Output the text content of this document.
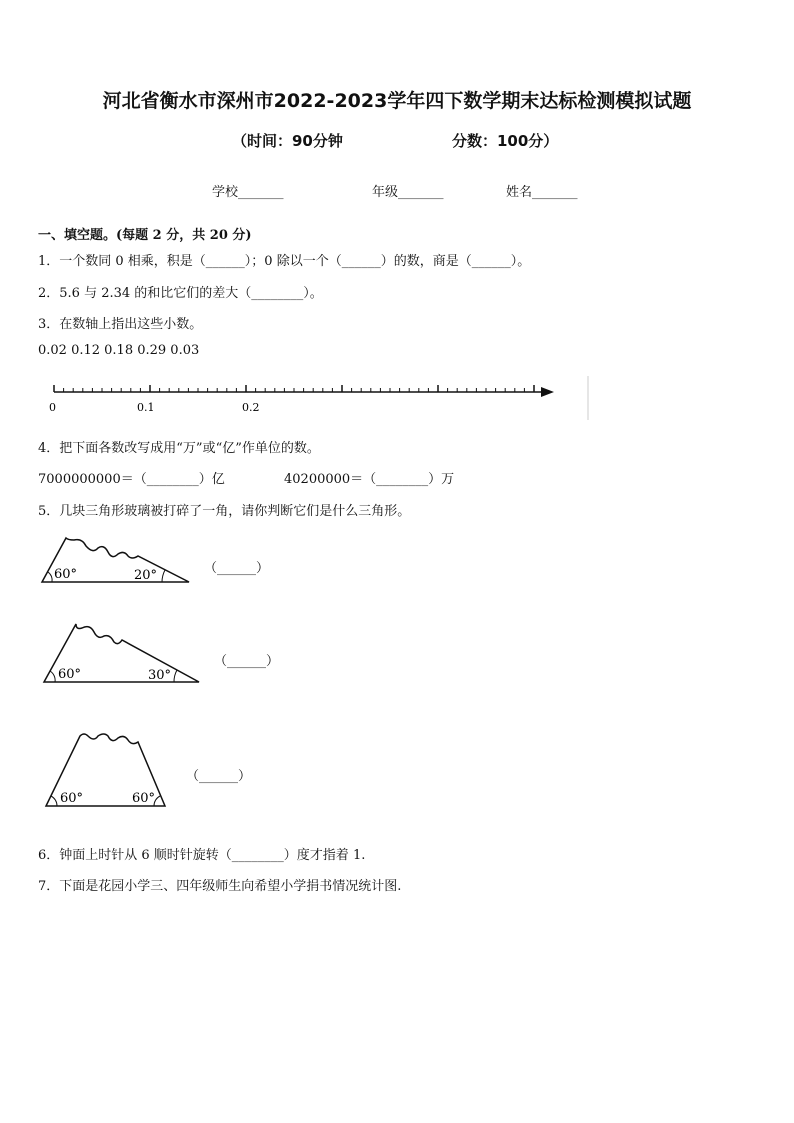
河北省衡水市深州市2022-2023学年四下数学期末达标检测模拟试题
（时间：90分钟	分数：100分）
学校_______	年级_______	姓名_______
一、填空题。(每题 2 分，共 20 分)
1．一个数同 0 相乘，积是（______）；0 除以一个（______）的数，商是（______）。
2．5.6 与 2.34 的和比它们的差大（________）。
3．在数轴上指出这些小数。
0.02 0.12 0.18 0.29 0.03
0	0.1	0.2
4．把下面各数改写成用“万”或“亿”作单位的数。
7000000000＝（________）亿	40200000＝（________）万
5．几块三角形玻璃被打碎了一角，请你判断它们是什么三角形。
60°	20°	（______）
60°	30°
（______）
60°	60°
（______）
6．钟面上时针从 6 顺时针旋转（________）度才指着 1.
7．下面是花园小学三、四年级师生向希望小学捐书情况统计图.
